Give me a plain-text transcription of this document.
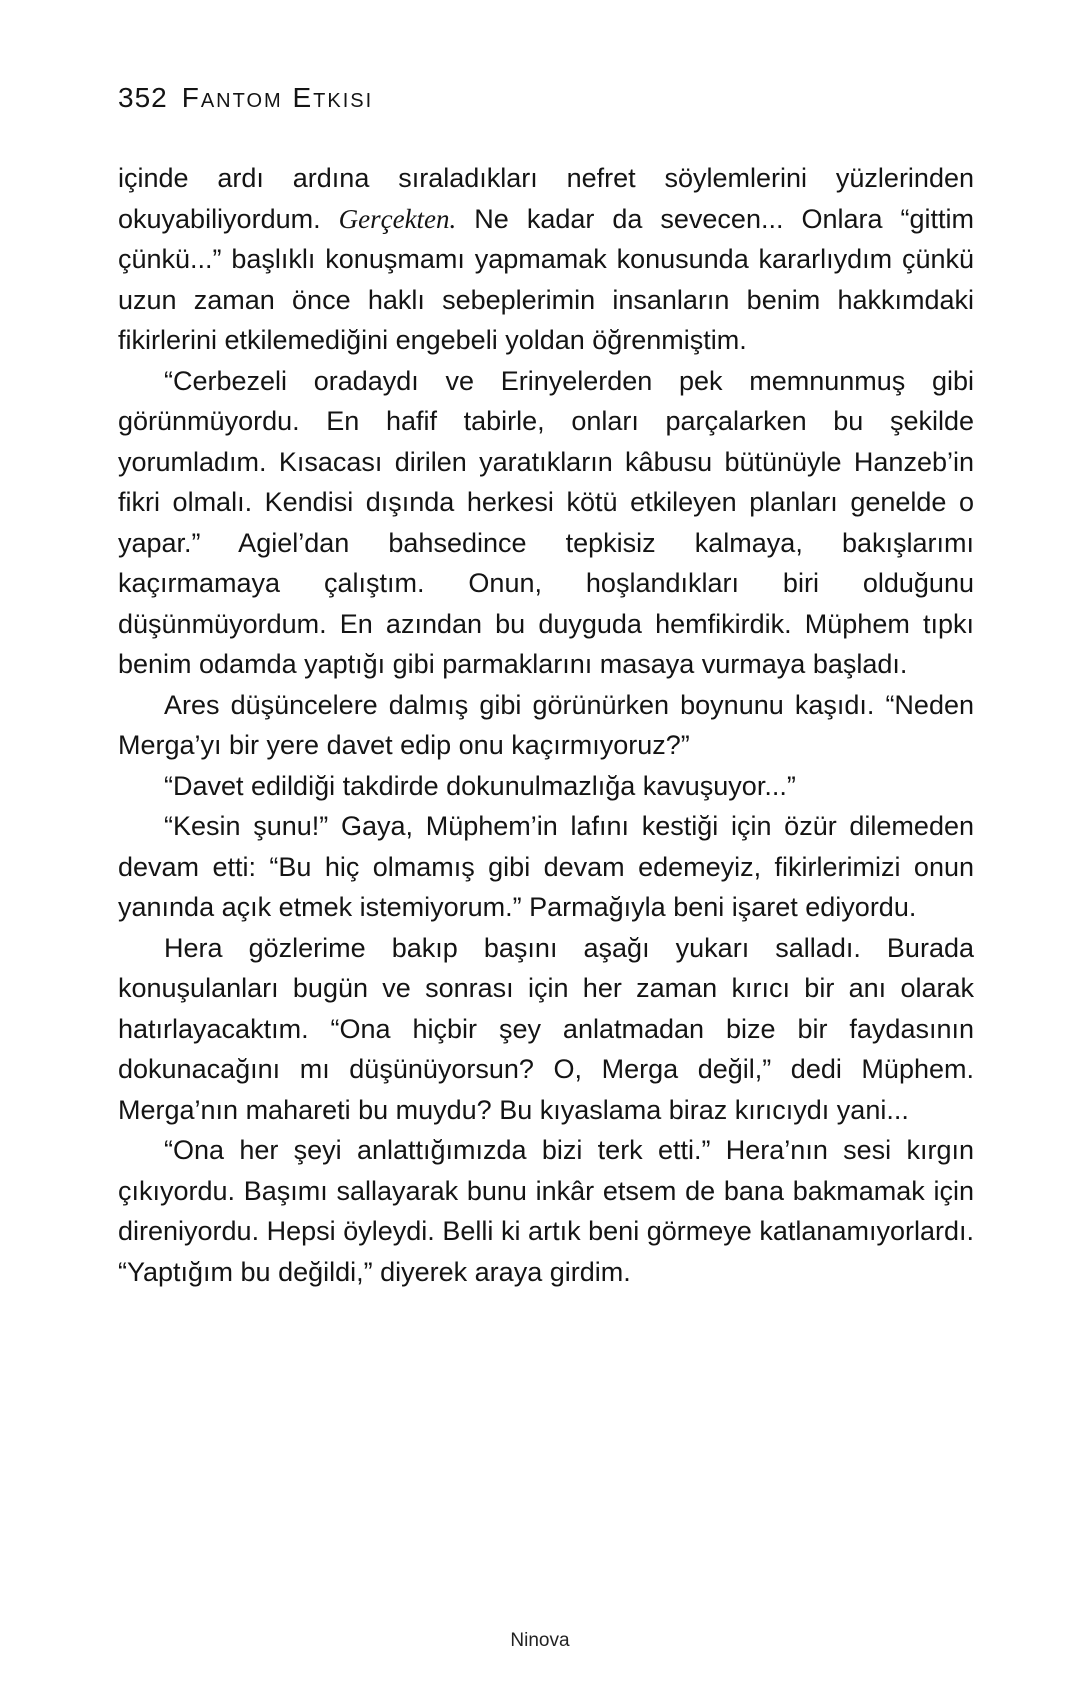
352 Fantom Etkisi

içinde ardı ardına sıraladıkları nefret söylemlerini yüzlerinden okuyabiliyordum. Gerçekten. Ne kadar da sevecen... Onlara “gittim çünkü...” başlıklı konuşmamı yapmamak konusunda kararlıydım çünkü uzun zaman önce haklı sebeplerimin insanların benim hakkımdaki fikirlerini etkilemediğini engebeli yoldan öğrenmiştim.

“Cerbezeli oradaydı ve Erinyelerden pek memnunmuş gibi görünmüyordu. En hafif tabirle, onları parçalarken bu şekilde yorumladım. Kısacası dirilen yaratıkların kâbusu bütünüyle Hanzeb’in fikri olmalı. Kendisi dışında herkesi kötü etkileyen planları genelde o yapar.” Agiel’dan bahsedince tepkisiz kalmaya, bakışlarımı kaçırmamaya çalıştım. Onun, hoşlandıkları biri olduğunu düşünmüyordum. En azından bu duyguda hemfikirdik. Müphem tıpkı benim odamda yaptığı gibi parmaklarını masaya vurmaya başladı.

Ares düşüncelere dalmış gibi görünürken boynunu kaşıdı. “Neden Merga’yı bir yere davet edip onu kaçırmıyoruz?”

“Davet edildiği takdirde dokunulmazlığa kavuşuyor...”

“Kesin şunu!” Gaya, Müphem’in lafını kestiği için özür dilemeden devam etti: “Bu hiç olmamış gibi devam edemeyiz, fikirlerimizi onun yanında açık etmek istemiyorum.” Parmağıyla beni işaret ediyordu.

Hera gözlerime bakıp başını aşağı yukarı salladı. Burada konuşulanları bugün ve sonrası için her zaman kırıcı bir anı olarak hatırlayacaktım. “Ona hiçbir şey anlatmadan bize bir faydasının dokunacağını mı düşünüyorsun? O, Merga değil,” dedi Müphem. Merga’nın mahareti bu muydu? Bu kıyaslama biraz kırıcıydı yani...

“Ona her şeyi anlattığımızda bizi terk etti.” Hera’nın sesi kırgın çıkıyordu. Başımı sallayarak bunu inkâr etsem de bana bakmamak için direniyordu. Hepsi öyleydi. Belli ki artık beni görmeye katlanamıyorlardı. “Yaptığım bu değildi,” diyerek araya girdim.

Ninova
